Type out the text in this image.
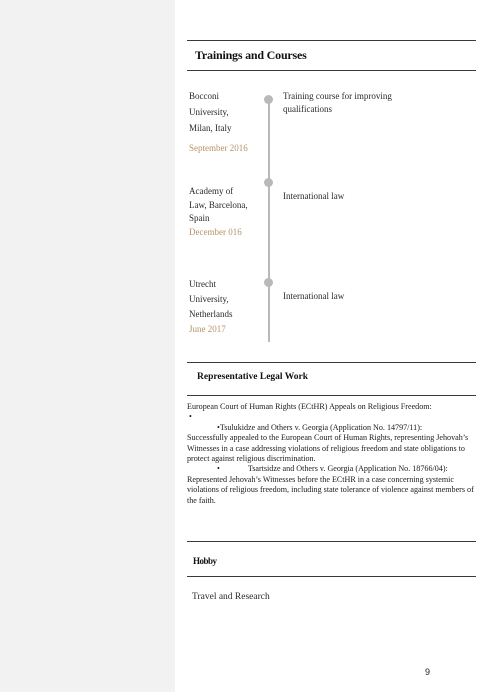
Trainings and Courses
Bocconi
University,
Milan, Italy
September 2016
Training course for improving
qualifications
Academy of
Law, Barcelona,
Spain
December 016
International law
Utrecht
University,
Netherlands
June 2017
International law
Representative Legal Work

European Court of Human Rights (ECtHR) Appeals on Religious Freedom:

•

•Tsulukidze and Others v. Georgia (Application No. 14797/11):

Successfully appealed to the European Court of Human Rights, representing Jehovah’s Witnesses in a case addressing violations of religious freedom and state obligations to protect against religious discrimination.

•	Tsartsidze and Others v. Georgia (Application No. 18766/04):

Represented Jehovah’s Witnesses before the ECtHR in a case concerning systemic violations of religious freedom, including state tolerance of violence against members of the faith.

Hobby
Travel and Research
9
